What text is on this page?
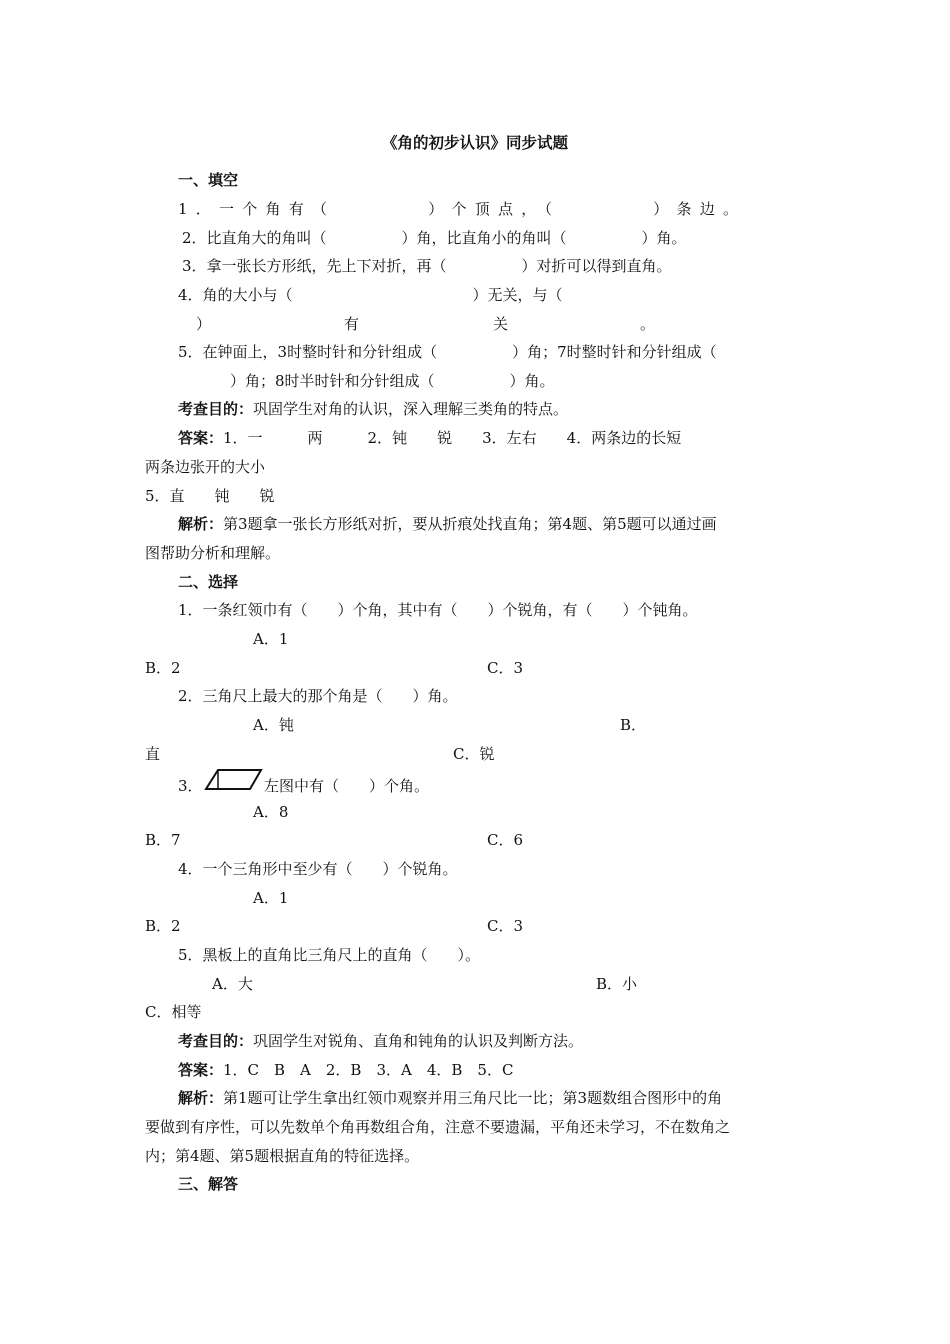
《角的初步认识》同步试题
一、填空
1．一个角有（　　　　）个顶点，（　　　　）条边。
2．比直角大的角叫（　　　　　）角，比直角小的角叫（　　　　　）角。
3．拿一张长方形纸，先上下对折，再（　　　　　）对折可以得到直角。
4．角的大小与（　　　　　　　　　　　　）无关，与（
）	有	关	。
5．在钟面上，3时整时针和分针组成（　　　　　）角；7时整时针和分针组成（
）角；8时半时针和分针组成（　　　　　）角。
考查目的：巩固学生对角的认识，深入理解三类角的特点。
答案：1．一　　　两　　　2．钝　　锐　　3．左右　　4．两条边的长短
两条边张开的大小
5．直　　钝　　锐
解析：第3题拿一张长方形纸对折，要从折痕处找直角；第4题、第5题可以通过画
图帮助分析和理解。
二、选择
1．一条红领巾有（　　）个角，其中有（　　）个锐角，有（　　）个钝角。
A．1
B．2	C．3
2．三角尺上最大的那个角是（　　）角。
A．钝	B．
直	C．锐
3．	左图中有（　　）个角。
A．8
B．7	C．6
4．一个三角形中至少有（　　）个锐角。
A．1
B．2	C．3
5．黑板上的直角比三角尺上的直角（　　）。
A．大	B．小
C．相等
考查目的：巩固学生对锐角、直角和钝角的认识及判断方法。
答案：1．C　B　A　2．B　3．A　4．B　5．C
解析：第1题可让学生拿出红领巾观察并用三角尺比一比；第3题数组合图形中的角
要做到有序性，可以先数单个角再数组合角，注意不要遗漏，平角还未学习，不在数角之
内；第4题、第5题根据直角的特征选择。
三、解答
